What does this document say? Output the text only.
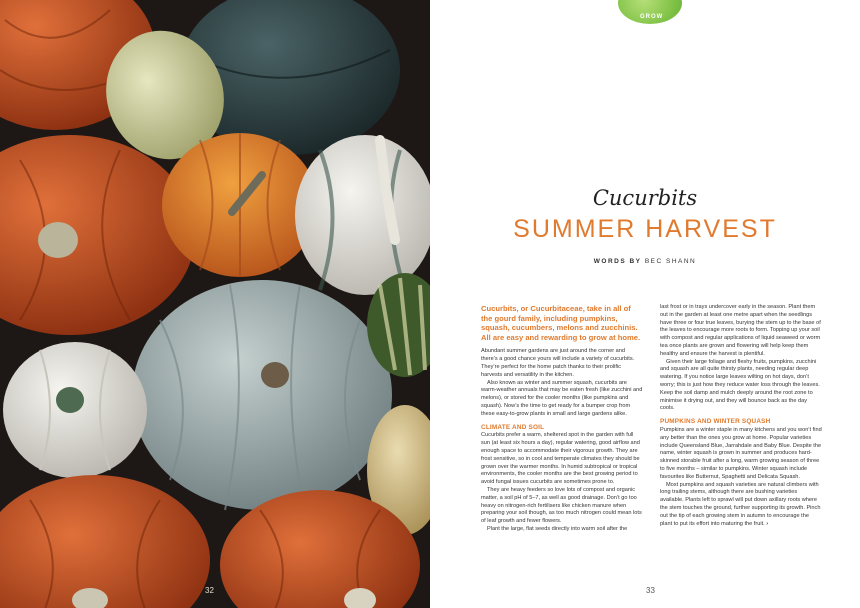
32
GROW
Cucurbits
SUMMER HARVEST
WORDS BY BEC SHANN
Cucurbits, or Cucurbitaceae, take in all of the gourd family, including pumpkins, squash, cucumbers, melons and zucchinis. All are easy and rewarding to grow at home.

Abundant summer gardens are just around the corner and there’s a good chance yours will include a variety of cucurbits. They’re perfect for the home patch thanks to their prolific harvests and versatility in the kitchen.

Also known as winter and summer squash, cucurbits are warm-weather annuals that may be eaten fresh (like zucchini and melons), or stored for the cooler months (like pumpkins and squash). Now’s the time to get ready for a bumper crop from these easy-to-grow plants in small and large gardens alike.

CLIMATE AND SOIL

Cucurbits prefer a warm, sheltered spot in the garden with full sun (at least six hours a day), regular watering, good airflow and enough space to accommodate their vigorous growth. They are frost sensitive, so in cool and temperate climates they should be grown over the warmer months. In humid subtropical or tropical environments, the cooler months are the best growing period to avoid fungal issues cucurbits are sometimes prone to.

They are heavy feeders so love lots of compost and organic matter, a soil pH of 5–7, as well as good drainage. Don’t go too heavy on nitrogen-rich fertilisers like chicken manure when preparing your soil though, as too much nitrogen could mean lots of leaf growth and fewer flowers.

Plant the large, flat seeds directly into warm soil after the

last frost or in trays undercover early in the season. Plant them out in the garden at least one metre apart when the seedlings have three or four true leaves, burying the stem up to the base of the leaves to encourage more roots to form. Topping up your soil with compost and regular applications of liquid seaweed or worm tea once plants are grown and flowering will help keep them healthy and ensure the harvest is plentiful.

Given their large foliage and fleshy fruits, pumpkins, zucchini and squash are all quite thirsty plants, needing regular deep watering. If you notice large leaves wilting on hot days, don’t worry; this is just how they reduce water loss through the leaves. Keep the soil damp and mulch deeply around the root zone to minimise it drying out, and they will bounce back as the day cools.

PUMPKINS AND WINTER SQUASH

Pumpkins are a winter staple in many kitchens and you won’t find any better than the ones you grow at home. Popular varieties include Queensland Blue, Jarrahdale and Baby Blue. Despite the name, winter squash is grown in summer and produces hard-skinned storable fruit after a long, warm growing season of three to five months – similar to pumpkins. Winter squash include favourites like Butternut, Spaghetti and Delicata Squash.

Most pumpkins and squash varieties are natural climbers with long trailing stems, although there are bushing varieties available. Plants left to sprawl will put down axillary roots where the stem touches the ground, further supporting its growth. Pinch out the tip of each growing stem in autumn to encourage the plant to put its effort into maturing the fruit. ›

33
